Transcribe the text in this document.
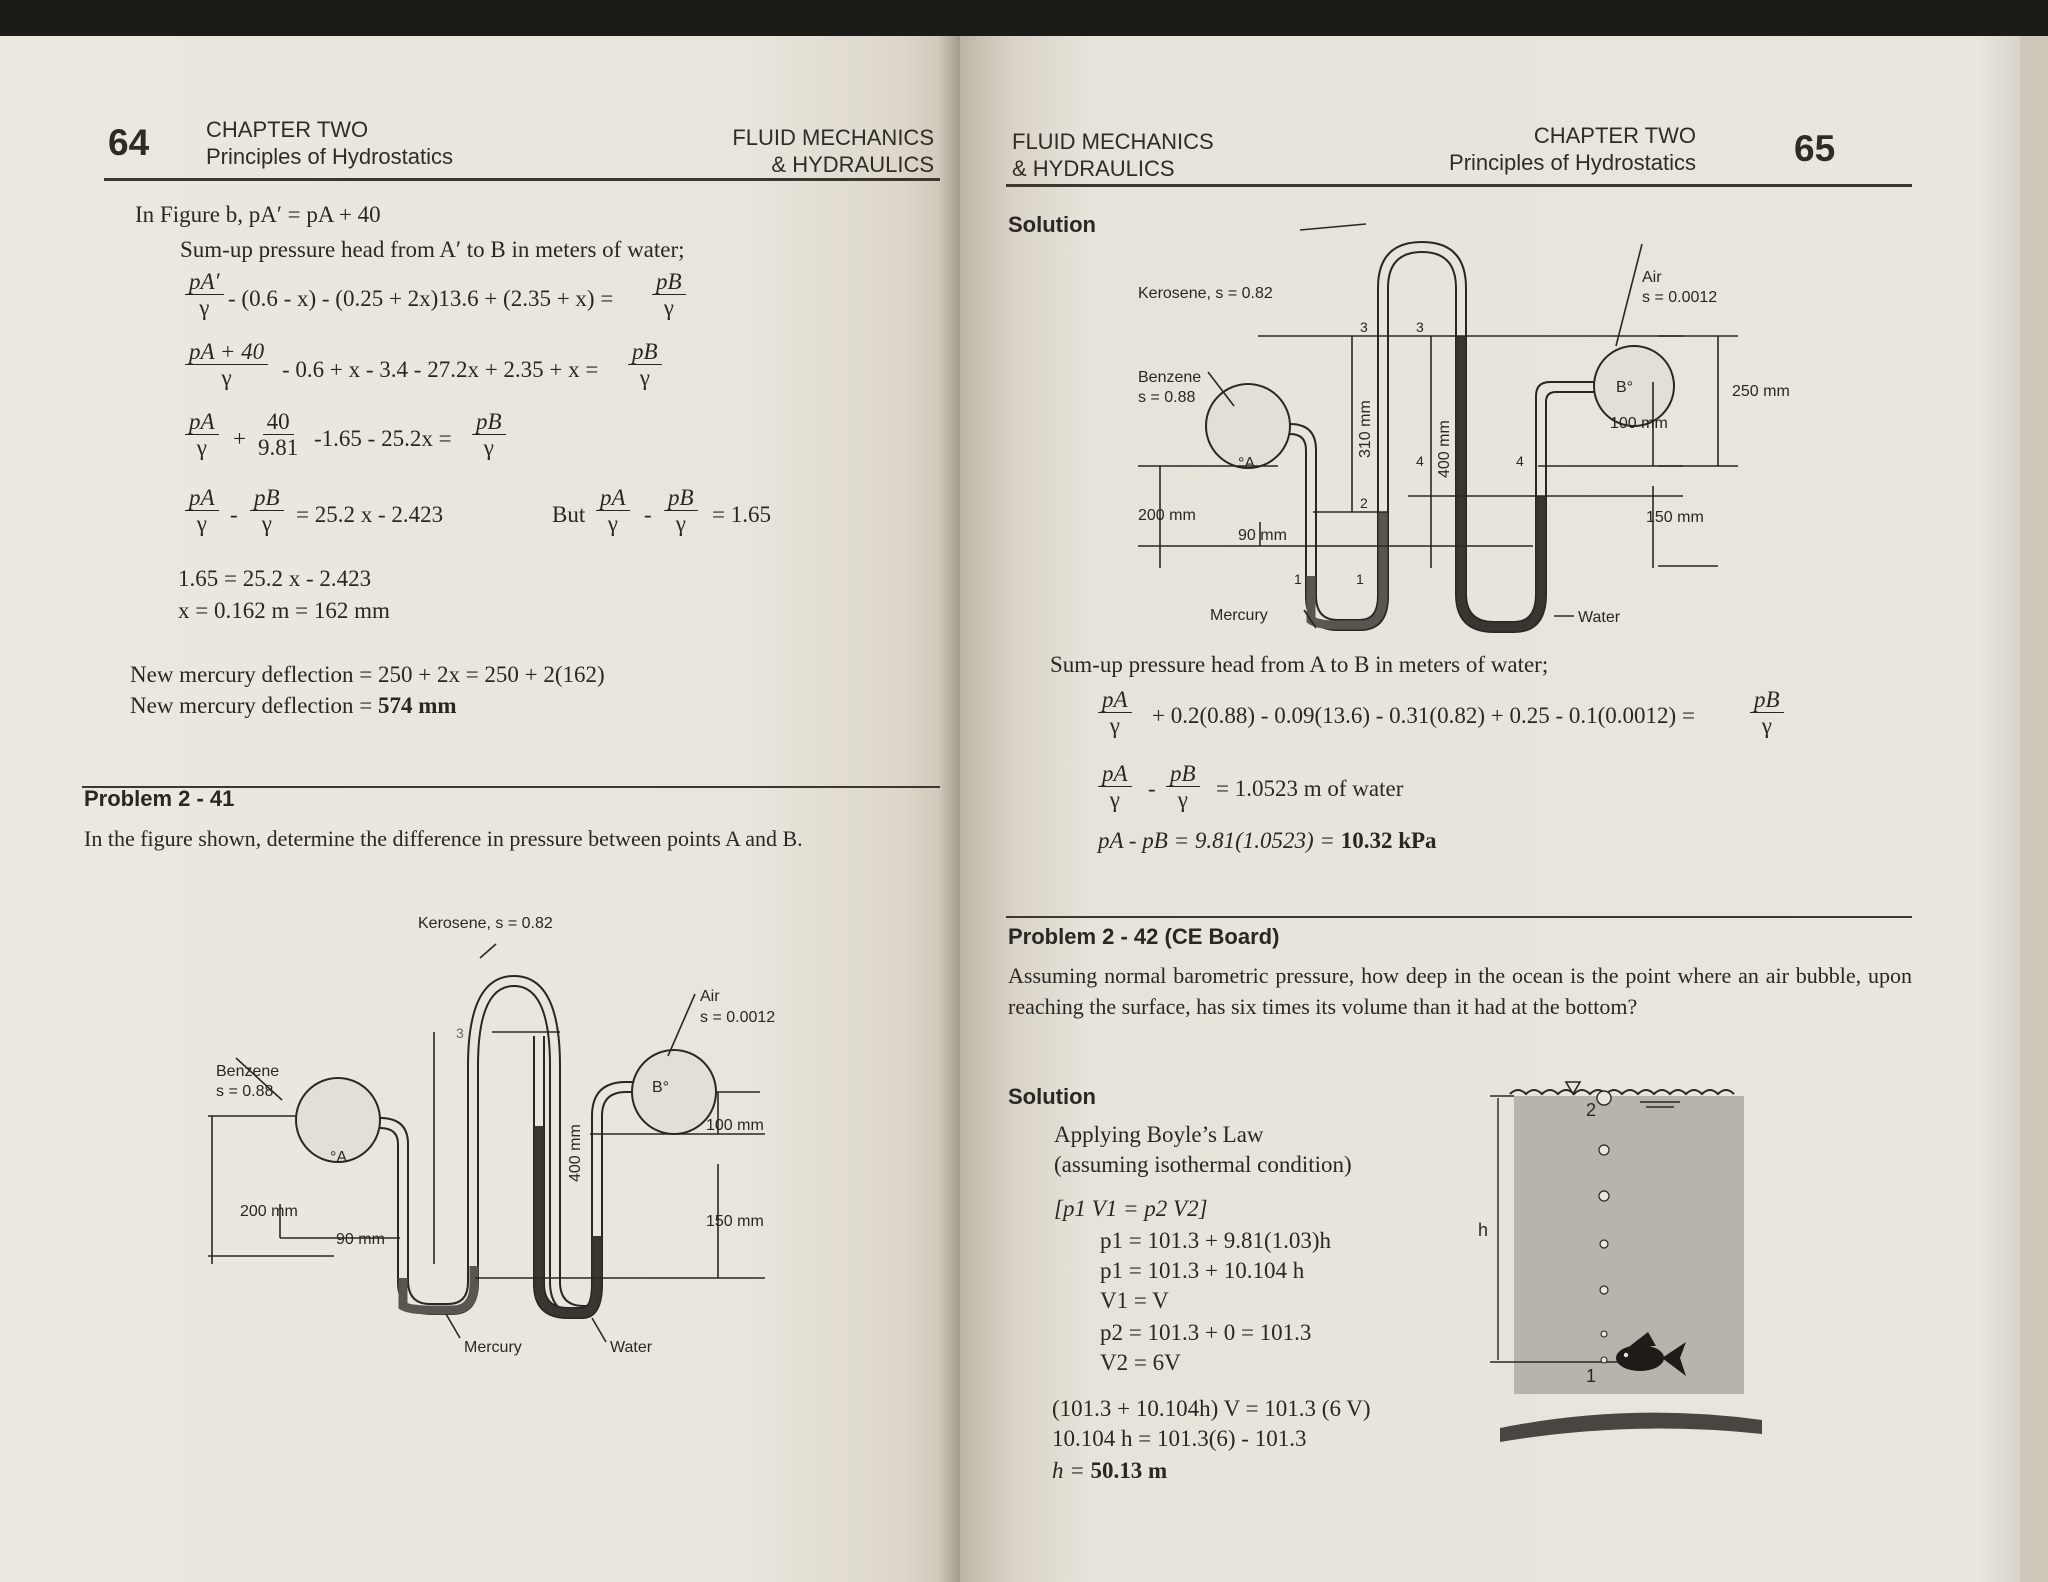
64	CHAPTER TWO
Principles of Hydrostatics
FLUID MECHANICS
& HYDRAULICS
In Figure b, pA′ = pA + 40
Sum-up pressure head from A′ to B in meters of water;
$\frac{pA'}{\gamma} - (0.6 - x) - (0.25 + 2x)13.6 + (2.35 + x) = \frac{pB}{\gamma}$
$\frac{pA + 40}{\gamma} - 0.6 + x - 3.4 - 27.2x + 2.35 + x = \frac{pB}{\gamma}$
$\frac{pA}{\gamma} + \frac{40}{9.81} -1.65 - 25.2x = \frac{pB}{\gamma}$
$\frac{pA}{\gamma} - \frac{pB}{\gamma} = 25.2$ x - 2.423	But $\frac{pA}{\gamma} - \frac{pB}{\gamma} = 1.65$
1.65 = 25.2 x - 2.423
x = 0.162 m = 162 mm
New mercury deflection = 250 + 2x = 250 + 2(162)
New mercury deflection = 574 mm
Problem 2 - 41
In the figure shown, determine the difference in pressure between points A and B.
Kerosene, s = 0.82
Air
s = 0.0012
Benzene
s = 0.88
°A
B°
400 mm	100 mm
150 mm
200 mm
90 mm
Mercury	Water
3
FLUID MECHANICS
& HYDRAULICS
CHAPTER TWO
Principles of Hydrostatics	65
Solution
Kerosene, s = 0.82
Air
s = 0.0012
Benzene
s = 0.88
°A
B°
310 mm	400 mm
250 mm
100 mm
150 mm
200 mm
90 mm
Mercury	Water
1	1
2
3	3
4	4
Sum-up pressure head from A to B in meters of water;
$\frac{pA}{\gamma} + 0.2(0.88) - 0.09(13.6) - 0.31(0.82) + 0.25 - 0.1(0.0012) = \frac{pB}{\gamma}$
$\frac{pA}{\gamma} - \frac{pB}{\gamma} = 1.0523$ m of water
pA - pB = 9.81(1.0523) = 10.32 kPa
Problem 2 - 42 (CE Board)
Assuming normal barometric pressure, how deep in the ocean is the point where an air bubble, upon reaching the surface, has six times its volume than it had at the bottom?
Solution
Applying Boyle’s Law
(assuming isothermal condition)
[p1 V1 = p2 V2]
p1 = 101.3 + 9.81(1.03)h
p1 = 101.3 + 10.104 h
V1 = V
p2 = 101.3 + 0 = 101.3
V2 = 6V
(101.3 + 10.104h) V = 101.3 (6 V)
10.104 h = 101.3(6) - 101.3
h = 50.13 m
h
1
2
